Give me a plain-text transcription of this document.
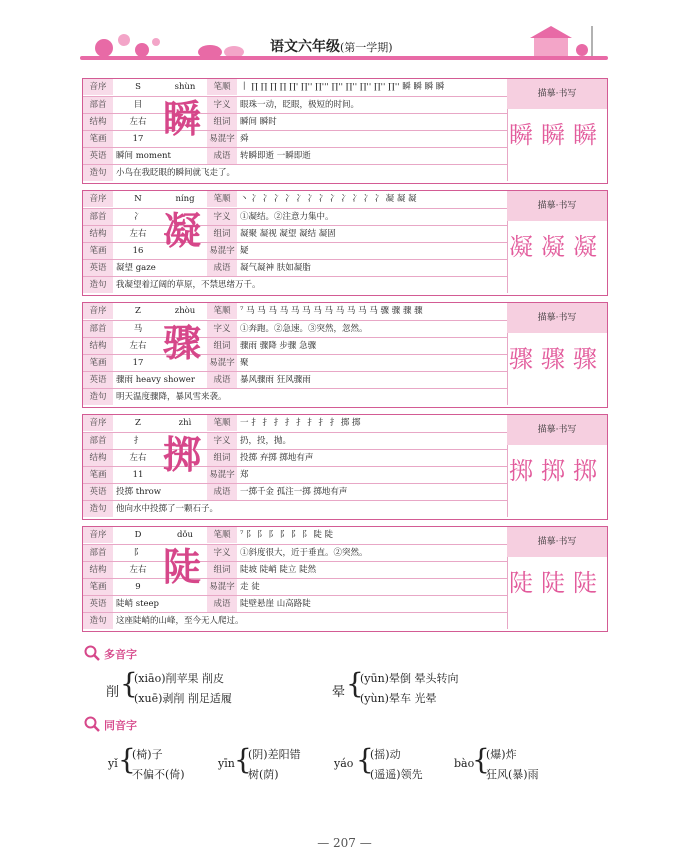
语文六年级(第一学期)
音序	S	shùn	笔顺	丨 ∏ ∏ ∏ ∏ ∏' ∏'' ∏''' ∏'' ∏'' ∏'' ∏'' ∏'' 瞬 瞬 瞬 瞬
部首	目	字义	眼珠一动，眨眼，极短的时间。
结构	左右	组词	瞬间 瞬时
笔画	17	易混字 舜
英语	瞬间 moment	成语	转瞬即逝 一瞬即逝
造句	小鸟在我眨眼的瞬间就飞走了。
瞬
描摹·书写
瞬瞬瞬
音序	N	níng	笔顺	丶 冫 冫 冫 冫 冫 冫 冫 冫 冫 冫 冫 冫 凝 凝 凝
部首	冫	字义	①凝结。②注意力集中。
结构	左右	组词	凝聚 凝视 凝望 凝结 凝固
笔画	16	易混字 疑
英语	凝望 gaze	成语	凝气凝神 肤如凝脂
造句	我凝望着辽阔的草原，不禁思绪万千。
凝
描摹·书写
凝凝凝
音序	Z	zhòu	笔顺	⁷ 马 马 马 马 马 马 马 马 马 马 马 马 骤 骤 骤 骤
部首	马	字义	①奔跑。②急速。③突然，忽然。
结构	左右	组词	骤雨 骤降 步骤 急骤
笔画	17	易混字 聚
英语	骤雨 heavy shower	成语	暴风骤雨 狂风骤雨
造句	明天温度骤降，暴风雪来袭。
骤
描摹·书写
骤骤骤
音序	Z	zhì	笔顺	一 扌 扌 扌 扌 扌 扌 扌 扌 掷 掷
部首	扌	字义	扔，投，抛。
结构	左右	组词	投掷 弃掷 掷地有声
笔画	11	易混字 郑
英语	投掷 throw	成语	一掷千金 孤注一掷 掷地有声
造句	他向水中投掷了一颗石子。
掷
描摹·书写
掷掷掷
音序	D	dǒu	笔顺	⁷ 阝 阝 阝 阝 阝 阝 陡 陡
部首	阝	字义	①斜度很大，近于垂直。②突然。
结构	左右	组词	陡坡 陡峭 陡立 陡然
笔画	9	易混字 走 徒
英语	陡峭 steep	成语	陡壁悬崖 山高路陡
造句	这座陡峭的山峰，至今无人爬过。
陡
描摹·书写
陡陡陡
多音字
削 {
(xiāo)削苹果 削皮
(xuē)剥削 削足适履	晕 {
(yūn)晕倒 晕头转向
(yùn)晕车 光晕
同音字
yǐ {
(椅)子
不偏不(倚)
yīn {
(阴)差阳错
树(荫)
yáo {
(摇)动
(遥遥)领先
bào
{
(爆)炸
狂风(暴)雨
— 207 —
